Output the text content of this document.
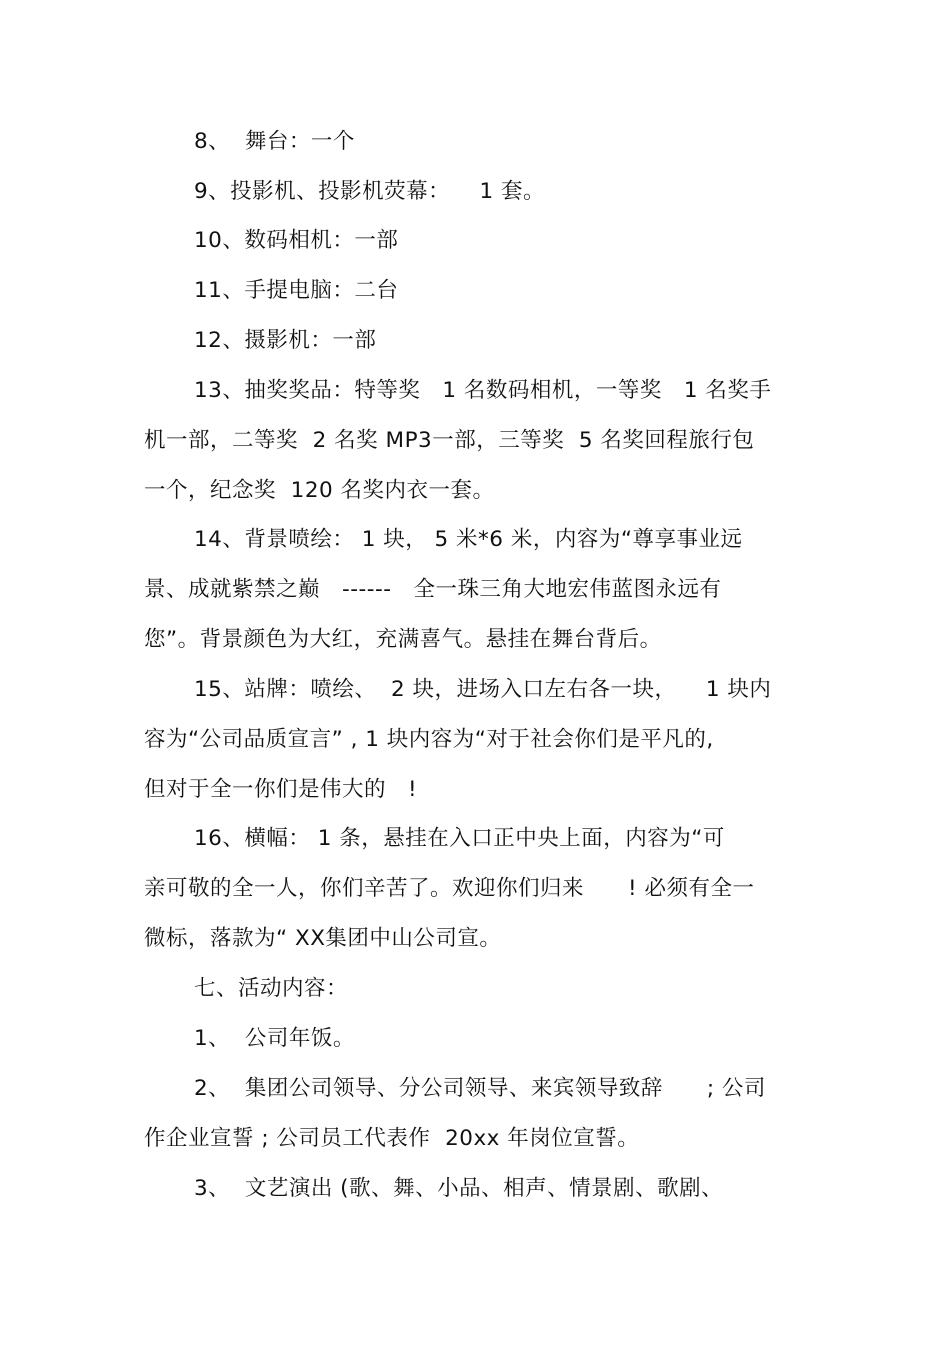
8、  舞台：一个
9、投影机、投影机荧幕：    1 套。
10、数码相机：一部
11、手提电脑：二台
12、摄影机：一部
13、抽奖奖品：特等奖   1 名数码相机，一等奖   1 名奖手
机一部，二等奖  2 名奖 MP3一部，三等奖  5 名奖回程旅行包
一个，纪念奖  120 名奖内衣一套。
14、背景喷绘： 1 块， 5 米*6 米，内容为“尊享事业远
景、成就紫禁之巅   ------   全一珠三角大地宏伟蓝图永远有
您”。背景颜色为大红，充满喜气。悬挂在舞台背后。
15、站牌：喷绘、  2 块，进场入口左右各一块，    1 块内
容为“公司品质宣言” , 1 块内容为“对于社会你们是平凡的,
但对于全一你们是伟大的   !
16、横幅： 1 条，悬挂在入口正中央上面，内容为“可
亲可敬的全一人，你们辛苦了。欢迎你们归来      ! 必须有全一
微标，落款为“ XX集团中山公司宣。
七、活动内容：
1、  公司年饭。
2、  集团公司领导、分公司领导、来宾领导致辞      ; 公司
作企业宣誓 ; 公司员工代表作  20xx 年岗位宣誓。
3、  文艺演出 (歌、舞、小品、相声、情景剧、歌剧、
